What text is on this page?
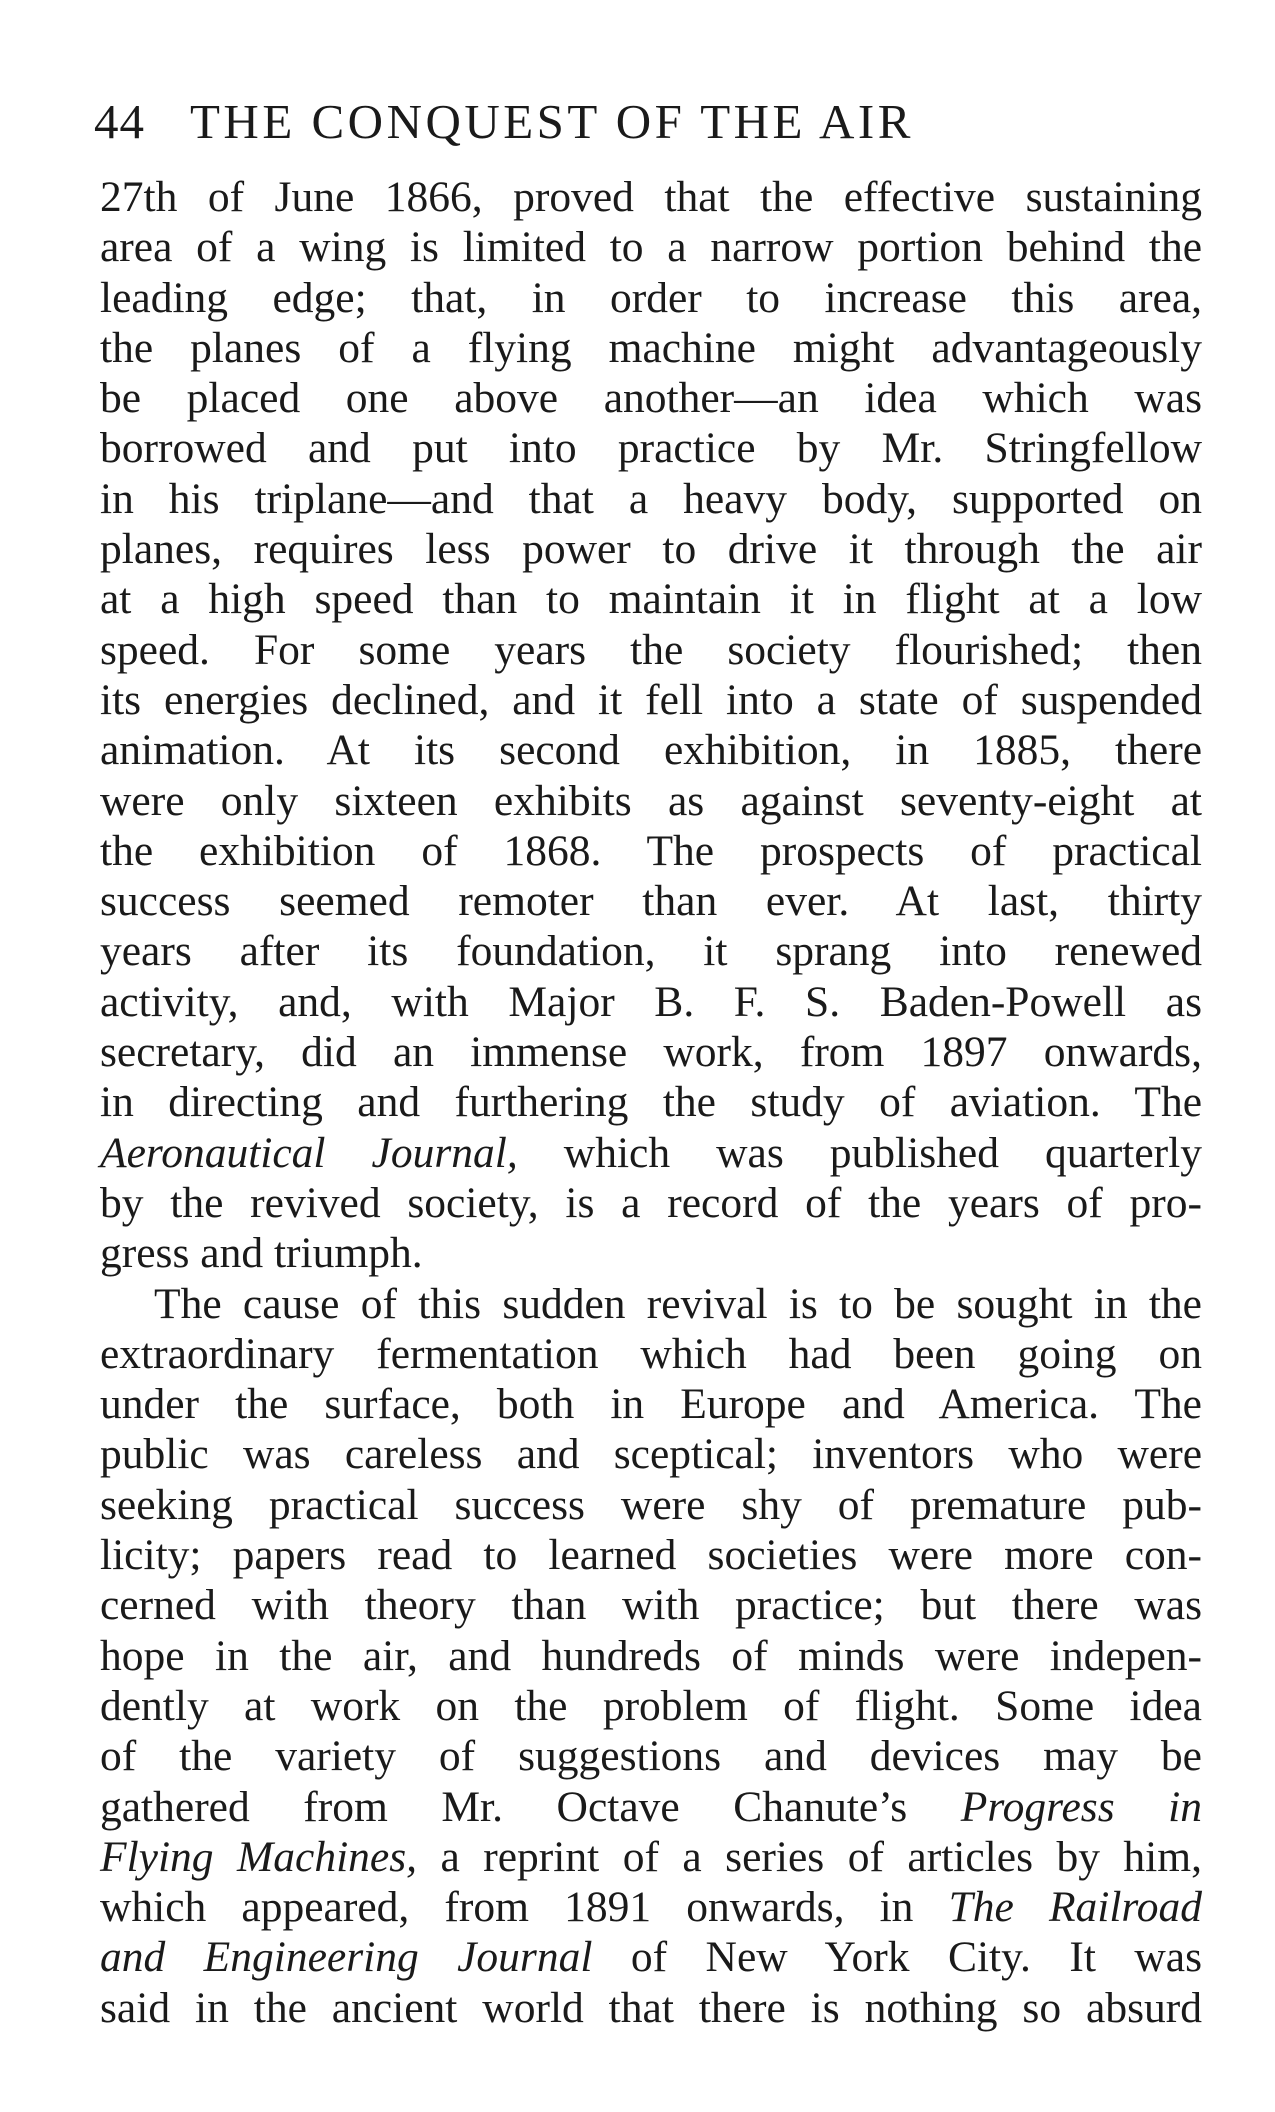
44 THE CONQUEST OF THE AIR
27th of June 1866, proved that the effective sustaining
area of a wing is limited to a narrow portion behind the
leading edge; that, in order to increase this area,
the planes of a flying machine might advantageously
be placed one above another—an idea which was
borrowed and put into practice by Mr. Stringfellow
in his triplane—and that a heavy body, supported on
planes, requires less power to drive it through the air
at a high speed than to maintain it in flight at a low
speed. For some years the society flourished; then
its energies declined, and it fell into a state of suspended
animation. At its second exhibition, in 1885, there
were only sixteen exhibits as against seventy-eight at
the exhibition of 1868. The prospects of practical
success seemed remoter than ever. At last, thirty
years after its foundation, it sprang into renewed
activity, and, with Major B. F. S. Baden-Powell as
secretary, did an immense work, from 1897 onwards,
in directing and furthering the study of aviation. The
Aeronautical Journal, which was published quarterly
by the revived society, is a record of the years of pro-
gress and triumph.
The cause of this sudden revival is to be sought in the
extraordinary fermentation which had been going on
under the surface, both in Europe and America. The
public was careless and sceptical; inventors who were
seeking practical success were shy of premature pub-
licity; papers read to learned societies were more con-
cerned with theory than with practice; but there was
hope in the air, and hundreds of minds were indepen-
dently at work on the problem of flight. Some idea
of the variety of suggestions and devices may be
gathered from Mr. Octave Chanute’s Progress in
Flying Machines, a reprint of a series of articles by him,
which appeared, from 1891 onwards, in The Railroad
and Engineering Journal of New York City. It was
said in the ancient world that there is nothing so absurd
